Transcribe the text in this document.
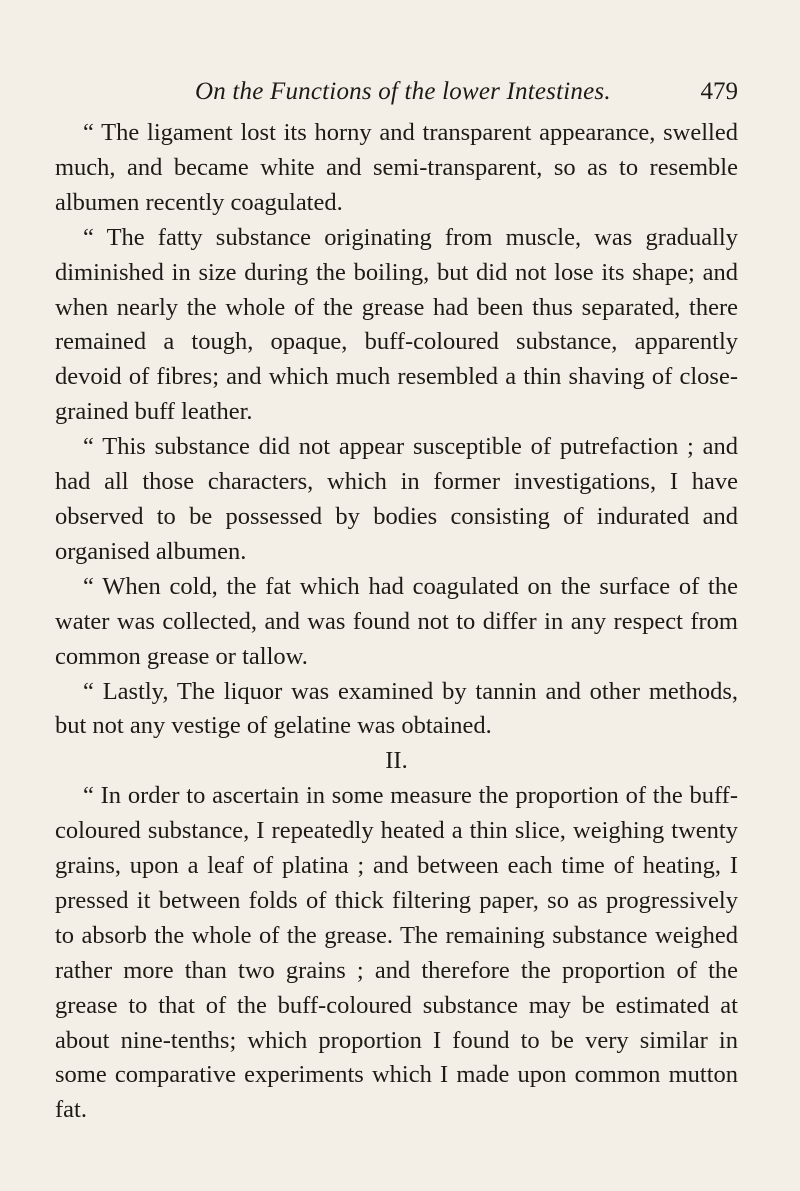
On the Functions of the lower Intestines.	479

“ The ligament lost its horny and transparent appearance, swelled much, and became white and semi-transparent, so as to resemble albumen recently coagulated.

“ The fatty substance originating from muscle, was gradually diminished in size during the boiling, but did not lose its shape; and when nearly the whole of the grease had been thus separated, there remained a tough, opaque, buff-coloured substance, apparently devoid of fibres; and which much resembled a thin shaving of close-grained buff leather.

“ This substance did not appear susceptible of putrefaction ; and had all those characters, which in former investigations, I have observed to be possessed by bodies consisting of indurated and organised albumen.

“ When cold, the fat which had coagulated on the surface of the water was collected, and was found not to differ in any respect from common grease or tallow.

“ Lastly, The liquor was examined by tannin and other methods, but not any vestige of gelatine was obtained.

II.

“ In order to ascertain in some measure the proportion of the buff-coloured substance, I repeatedly heated a thin slice, weighing twenty grains, upon a leaf of platina ; and between each time of heating, I pressed it between folds of thick filtering paper, so as progressively to absorb the whole of the grease. The remaining substance weighed rather more than two grains ; and therefore the proportion of the grease to that of the buff-coloured substance may be estimated at about nine-tenths; which proportion I found to be very similar in some comparative experiments which I made upon common mutton fat.
